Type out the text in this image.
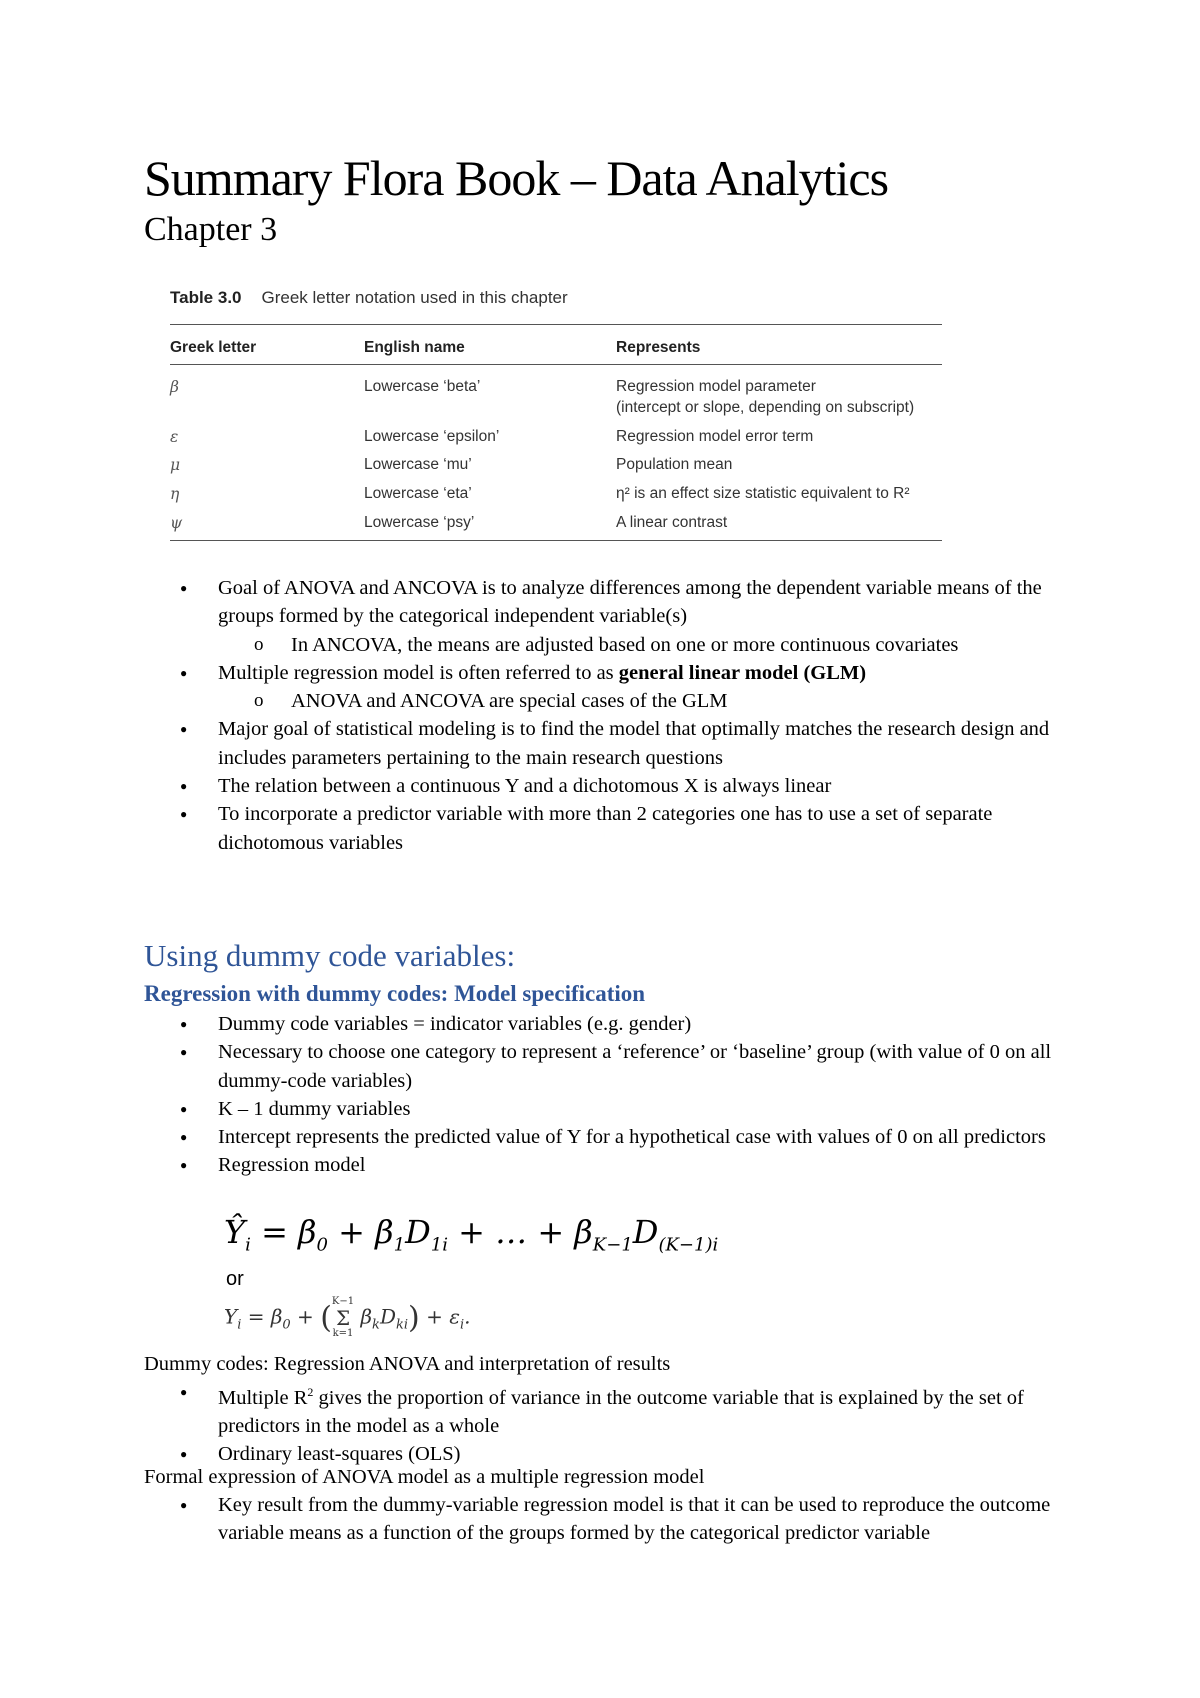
Summary Flora Book – Data Analytics
Chapter 3
Table 3.0 Greek letter notation used in this chapter
Greek letter	English name	Represents
β	Lowercase ‘beta’	Regression model parameter
(intercept or slope, depending on subscript)
ε	Lowercase ‘epsilon’	Regression model error term
μ	Lowercase ‘mu’	Population mean
η	Lowercase ‘eta’	η² is an effect size statistic equivalent to R²
ψ	Lowercase ‘psy’	A linear contrast
● Goal of ANOVA and ANCOVA is to analyze differences among the dependent variable means of the groups formed by the categorical independent variable(s)
o In ANCOVA, the means are adjusted based on one or more continuous covariates
● Multiple regression model is often referred to as general linear model (GLM)
o ANOVA and ANCOVA are special cases of the GLM
● Major goal of statistical modeling is to find the model that optimally matches the research design and includes parameters pertaining to the main research questions
● The relation between a continuous Y and a dichotomous X is always linear
● To incorporate a predictor variable with more than 2 categories one has to use a set of separate dichotomous variables
Using dummy code variables:
Regression with dummy codes: Model specification
● Dummy code variables = indicator variables (e.g. gender)
● Necessary to choose one category to represent a ‘reference’ or ‘baseline’ group (with value of 0 on all dummy-code variables)
● K – 1 dummy variables
● Intercept represents the predicted value of Y for a hypothetical case with values of 0 on all predictors
● Regression model
$Ŷ_i = \beta_0 + \beta_1D_{1i}$ + … + $\beta_{K-1}D_{(K-1)i}$
or
$Y_i = \beta_0$ + ( K−1
Σ
k=1
$\beta_kD_{ki}) + \varepsilon_i$.
Dummy codes: Regression ANOVA and interpretation of results
● Multiple $R^2$ gives the proportion of variance in the outcome variable that is explained by the set of predictors in the model as a whole
● Ordinary least-squares (OLS)
Formal expression of ANOVA model as a multiple regression model
● Key result from the dummy-variable regression model is that it can be used to reproduce the outcome variable means as a function of the groups formed by the categorical predictor variable
